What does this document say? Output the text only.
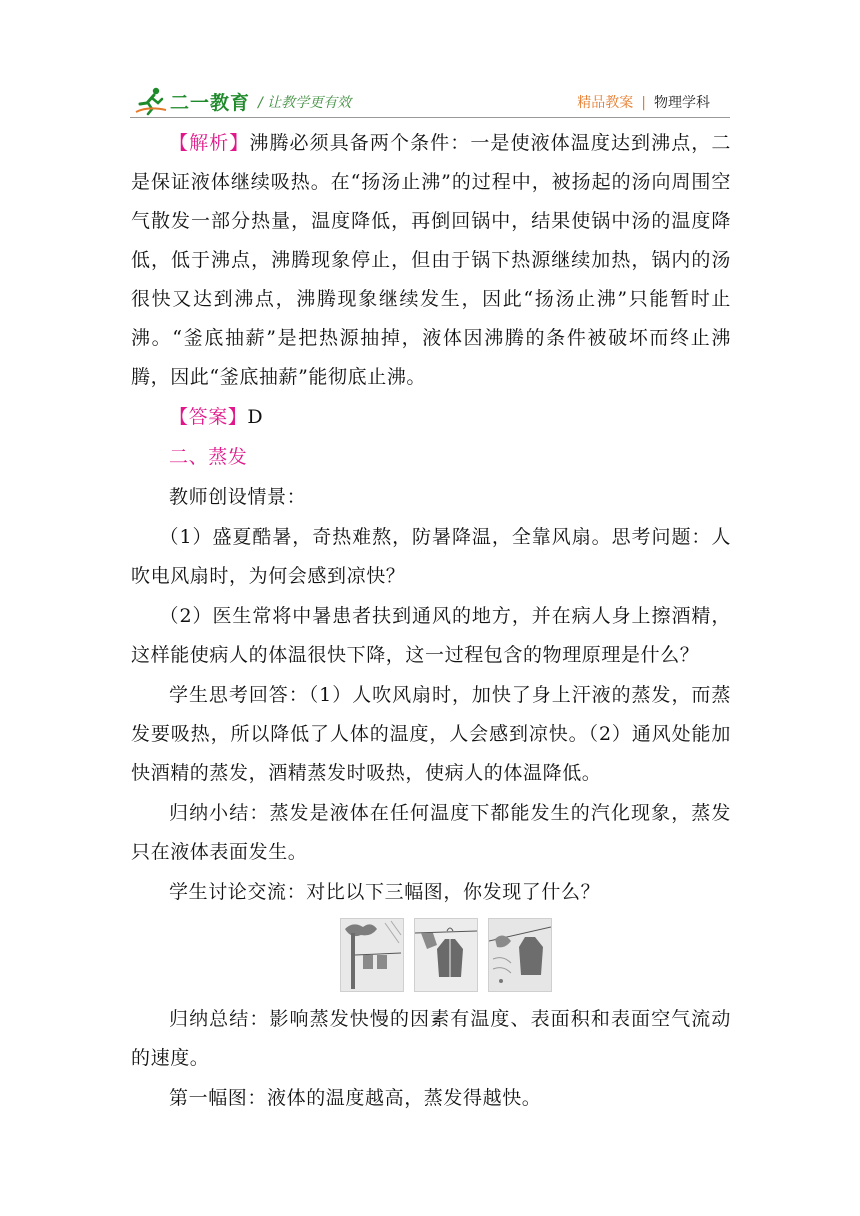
二一教育 / 让教学更有效	精品教案 | 物理学科

【解析】沸腾必须具备两个条件：一是使液体温度达到沸点，二是保证液体继续吸热。在“扬汤止沸”的过程中，被扬起的汤向周围空气散发一部分热量，温度降低，再倒回锅中，结果使锅中汤的温度降低，低于沸点，沸腾现象停止，但由于锅下热源继续加热，锅内的汤很快又达到沸点，沸腾现象继续发生，因此“扬汤止沸”只能暂时止沸。“釜底抽薪”是把热源抽掉，液体因沸腾的条件被破坏而终止沸腾，因此“釜底抽薪”能彻底止沸。

【答案】D

二、蒸发

教师创设情景：

（1）盛夏酷暑，奇热难熬，防暑降温，全靠风扇。思考问题：人吹电风扇时，为何会感到凉快？

（2）医生常将中暑患者扶到通风的地方，并在病人身上擦酒精，这样能使病人的体温很快下降，这一过程包含的物理原理是什么？

学生思考回答：（1）人吹风扇时，加快了身上汗液的蒸发，而蒸发要吸热，所以降低了人体的温度，人会感到凉快。（2）通风处能加快酒精的蒸发，酒精蒸发时吸热，使病人的体温降低。

归纳小结：蒸发是液体在任何温度下都能发生的汽化现象，蒸发只在液体表面发生。

学生讨论交流：对比以下三幅图，你发现了什么？

归纳总结：影响蒸发快慢的因素有温度、表面积和表面空气流动的速度。

第一幅图：液体的温度越高，蒸发得越快。
